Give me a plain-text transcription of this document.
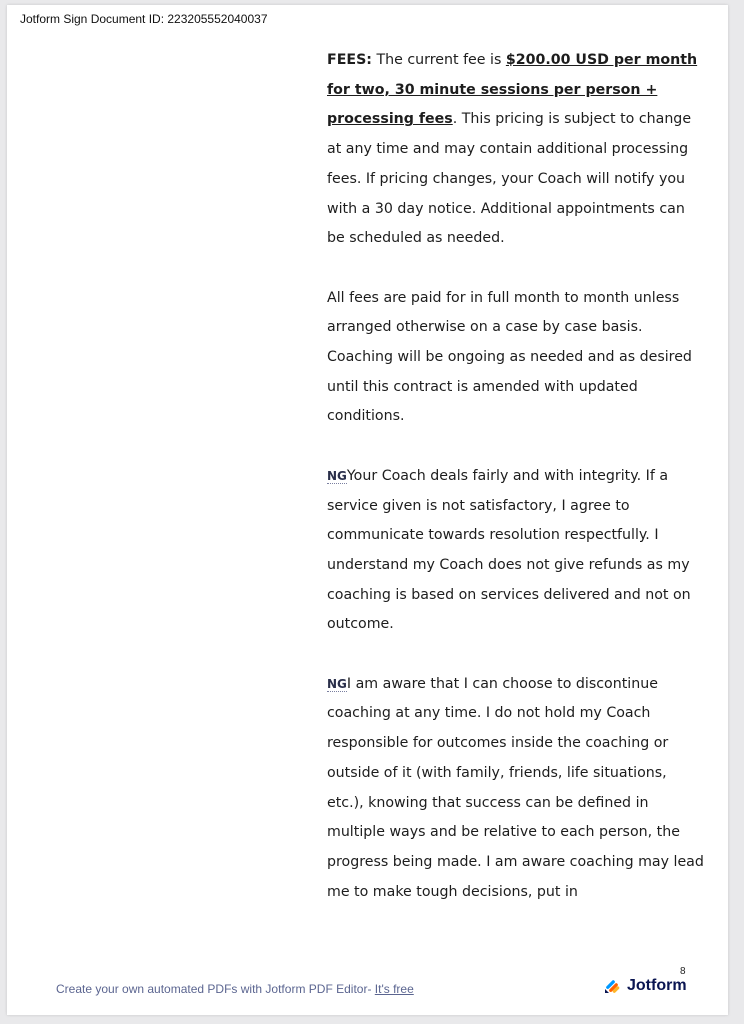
Jotform Sign Document ID: 223205552040037

FEES: The current fee is $200.00 USD per month for two, 30 minute sessions per person + processing fees. This pricing is subject to change at any time and may contain additional processing fees. If pricing changes, your Coach will notify you with a 30 day notice. Additional appointments can be scheduled as needed.

All fees are paid for in full month to month unless arranged otherwise on a case by case basis. Coaching will be ongoing as needed and as desired until this contract is amended with updated conditions.

NGYour Coach deals fairly and with integrity. If a service given is not satisfactory, I agree to communicate towards resolution respectfully. I understand my Coach does not give refunds as my coaching is based on services delivered and not on outcome.

NGI am aware that I can choose to discontinue coaching at any time. I do not hold my Coach responsible for outcomes inside the coaching or outside of it (with family, friends, life situations, etc.), knowing that success can be defined in multiple ways and be relative to each person, the progress being made. I am aware coaching may lead me to make tough decisions, put in

8
Create your own automated PDFs with Jotform PDF Editor- It's free	Jotform
